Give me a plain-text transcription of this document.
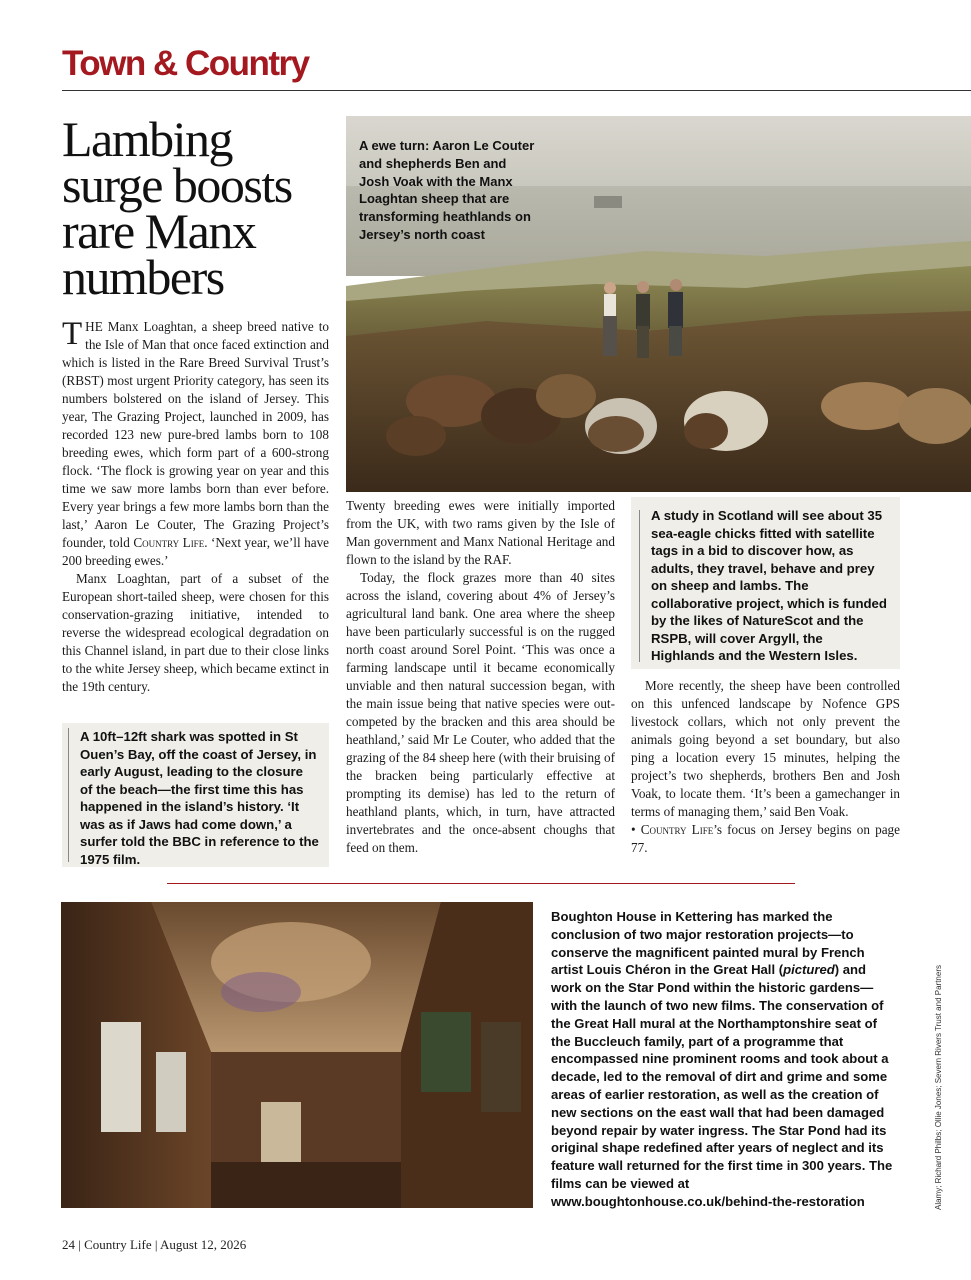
Town & Country
Lambing surge boosts rare Manx numbers
A ewe turn: Aaron Le Couter and shepherds Ben and Josh Voak with the Manx Loaghtan sheep that are transforming heathlands on Jersey’s north coast

THE Manx Loaghtan, a sheep breed native to the Isle of Man that once faced extinction and which is listed in the Rare Breed Survival Trust’s (RBST) most urgent Priority category, has seen its numbers bolstered on the island of Jersey. This year, The Grazing Project, launched in 2009, has recorded 123 new pure-bred lambs born to 108 breeding ewes, which form part of a 600-strong flock. ‘The flock is growing year on year and this time we saw more lambs born than ever before. Every year brings a few more lambs born than the last,’ Aaron Le Couter, The Grazing Project’s founder, told Country Life. ‘Next year, we’ll have 200 breeding ewes.’

Manx Loaghtan, part of a subset of the European short-tailed sheep, were chosen for this conservation-grazing initiative, intended to reverse the widespread ecological degradation on this Channel island, in part due to their close links to the white Jersey sheep, which became extinct in the 19th century.

A 10ft–12ft shark was spotted in St Ouen’s Bay, off the coast of Jersey, in early August, leading to the closure of the beach—the first time this has happened in the island’s history. ‘It was as if Jaws had come down,’ a surfer told the BBC in reference to the 1975 film.

Twenty breeding ewes were initially imported from the UK, with two rams given by the Isle of Man government and Manx National Heritage and flown to the island by the RAF.

Today, the flock grazes more than 40 sites across the island, covering about 4% of Jersey’s agricultural land bank. One area where the sheep have been particularly successful is on the rugged north coast around Sorel Point. ‘This was once a farming landscape until it became economically unviable and then natural succession began, with the main issue being that native species were out-competed by the bracken and this area should be heathland,’ said Mr Le Couter, who added that the grazing of the 84 sheep here (with their bruising of the bracken being particularly effective at prompting its demise) has led to the return of heathland plants, which, in turn, have attracted invertebrates and the once-absent choughs that feed on them.

A study in Scotland will see about 35 sea-eagle chicks fitted with satellite tags in a bid to discover how, as adults, they travel, behave and prey on sheep and lambs. The collaborative project, which is funded by the likes of NatureScot and the RSPB, will cover Argyll, the Highlands and the Western Isles.

More recently, the sheep have been controlled on this unfenced landscape by Nofence GPS livestock collars, which not only prevent the animals going beyond a set boundary, but also ping a location every 15 minutes, helping the project’s two shepherds, brothers Ben and Josh Voak, to locate them. ‘It’s been a gamechanger in terms of managing them,’ said Ben Voak.

• Country Life’s focus on Jersey begins on page 77.

Boughton House in Kettering has marked the conclusion of two major restoration projects—to conserve the magnificent painted mural by French artist Louis Chéron in the Great Hall (pictured) and work on the Star Pond within the historic gardens—with the launch of two new films. The conservation of the Great Hall mural at the Northamptonshire seat of the Buccleuch family, part of a programme that encompassed nine prominent rooms and took about a decade, led to the removal of dirt and grime and some areas of earlier restoration, as well as the creation of new sections on the east wall that had been damaged beyond repair by water ingress. The Star Pond had its original shape redefined after years of neglect and its feature wall returned for the first time in 300 years. The films can be viewed at www.boughtonhouse.co.uk/behind-the-restoration	Alamy; Richard Philbs; Ollie Jones; Severn Rivers Trust and Partners
24 | Country Life | August 12, 2026
